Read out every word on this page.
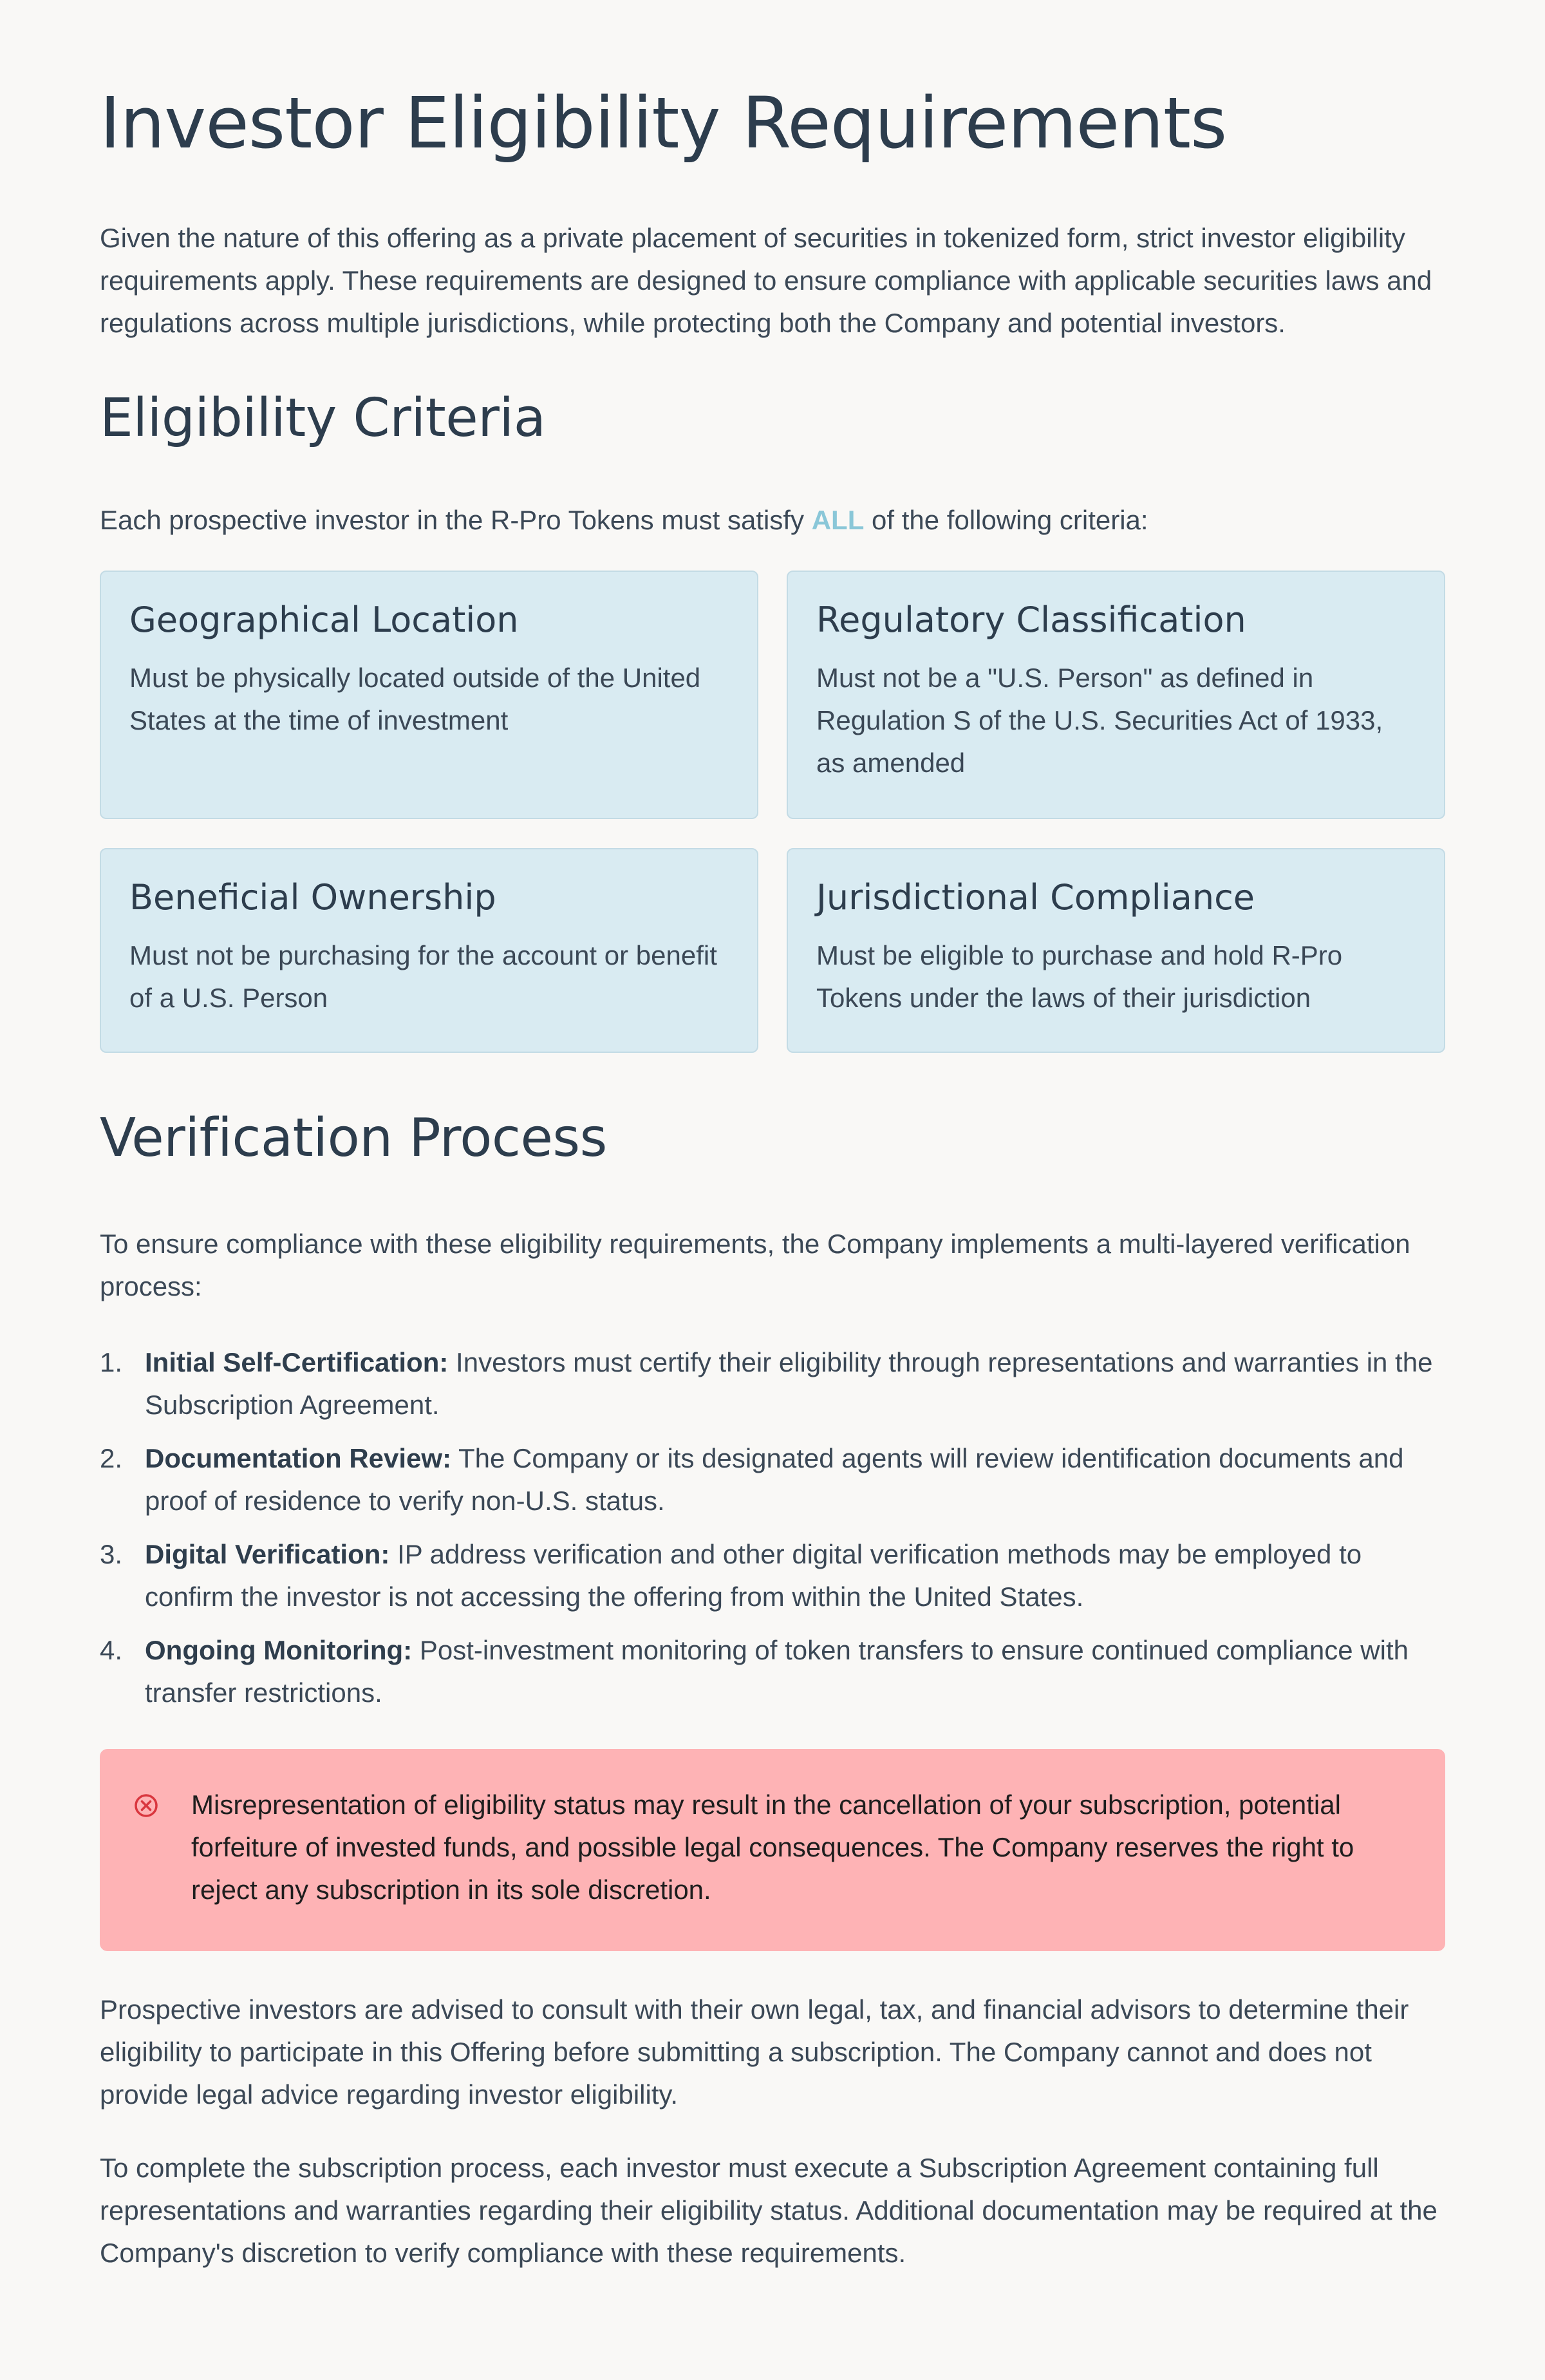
Investor Eligibility Requirements

Given the nature of this offering as a private placement of securities in tokenized form, strict investor eligibility requirements apply. These requirements are designed to ensure compliance with applicable securities laws and regulations across multiple jurisdictions, while protecting both the Company and potential investors.

Eligibility Criteria

Each prospective investor in the R-Pro Tokens must satisfy ALL of the following criteria:

Geographical Location
Must be physically located outside of the United States at the time of investment
Regulatory Classification
Must not be a "U.S. Person" as defined in Regulation S of the U.S. Securities Act of 1933, as amended
Beneficial Ownership
Must not be purchasing for the account or benefit of a U.S. Person
Jurisdictional Compliance
Must be eligible to purchase and hold R-Pro Tokens under the laws of their jurisdiction
Verification Process

To ensure compliance with these eligibility requirements, the Company implements a multi-layered verification process:

1. Initial Self-Certification: Investors must certify their eligibility through representations and warranties in the Subscription Agreement.
2. Documentation Review: The Company or its designated agents will review identification documents and proof of residence to verify non-U.S. status.
3. Digital Verification: IP address verification and other digital verification methods may be employed to confirm the investor is not accessing the offering from within the United States.
4. Ongoing Monitoring: Post-investment monitoring of token transfers to ensure continued compliance with transfer restrictions.
Misrepresentation of eligibility status may result in the cancellation of your subscription, potential forfeiture of invested funds, and possible legal consequences. The Company reserves the right to reject any subscription in its sole discretion.

Prospective investors are advised to consult with their own legal, tax, and financial advisors to determine their eligibility to participate in this Offering before submitting a subscription. The Company cannot and does not provide legal advice regarding investor eligibility.

To complete the subscription process, each investor must execute a Subscription Agreement containing full representations and warranties regarding their eligibility status. Additional documentation may be required at the Company's discretion to verify compliance with these requirements.
